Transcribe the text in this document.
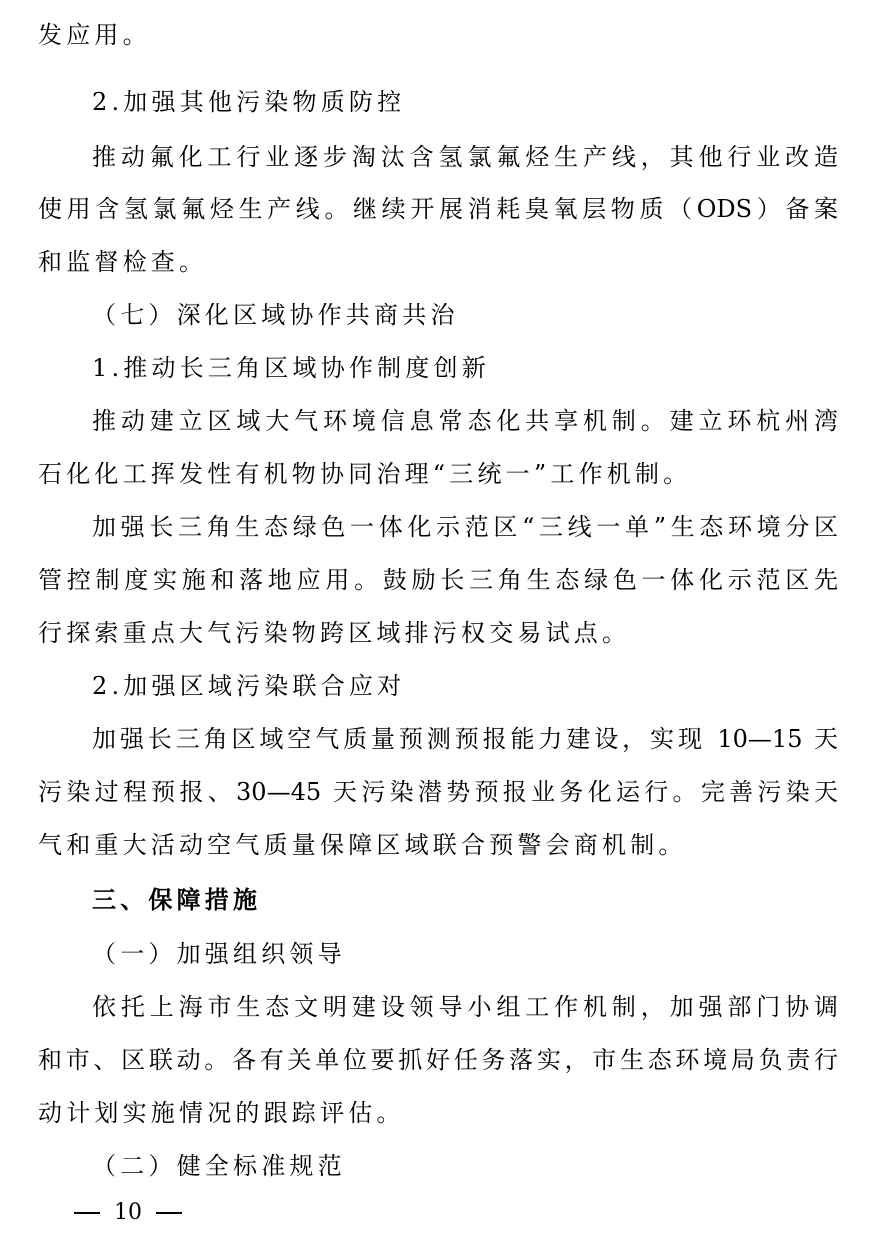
发应用。
2.加强其他污染物质防控
推动氟化工行业逐步淘汰含氢氯氟烃生产线，其他行业改造
使用含氢氯氟烃生产线。继续开展消耗臭氧层物质（ODS）备案
和监督检查。
（七）深化区域协作共商共治
1.推动长三角区域协作制度创新
推动建立区域大气环境信息常态化共享机制。建立环杭州湾
石化化工挥发性有机物协同治理“三统一”工作机制。
加强长三角生态绿色一体化示范区“三线一单”生态环境分区
管控制度实施和落地应用。鼓励长三角生态绿色一体化示范区先
行探索重点大气污染物跨区域排污权交易试点。
2.加强区域污染联合应对
加强长三角区域空气质量预测预报能力建设，实现 10—15 天
污染过程预报、30—45 天污染潜势预报业务化运行。完善污染天
气和重大活动空气质量保障区域联合预警会商机制。
三、保障措施
（一）加强组织领导
依托上海市生态文明建设领导小组工作机制，加强部门协调
和市、区联动。各有关单位要抓好任务落实，市生态环境局负责行
动计划实施情况的跟踪评估。
（二）健全标准规范
10
